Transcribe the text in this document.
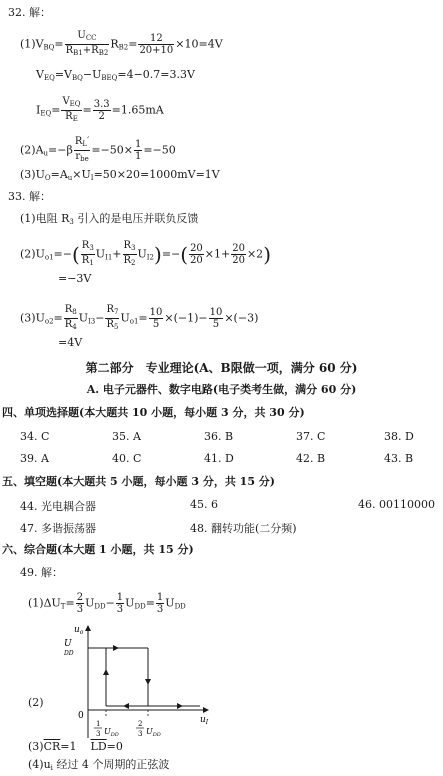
32. 解：
$(1)V_{BQ}= \frac{U_{CC}}{R_{B1}+R_{B2}} R_{B2}= \frac{12}{20+10} \times 10=4V$
$V_{EQ}=V_{BQ}-U_{BEQ}=4-0.7=3.3V$
$I_{EQ}= \frac{V_{EQ}}{R_E} = \frac{3.3}{2} =1.65mA$
$(2)A_u=-\beta \frac{R_L'}{r_{be}} =-50\times \frac{1}{1} =-50$
$(3)U_O=A_u\times U_I=50\times 20=1000mV=1V$
33. 解：
(1)电阻 $R_3$ 引入的是电压并联负反馈
$(2)U_{o1}=-( \frac{R_3}{R_1} U_{I1}+ \frac{R_3}{R_2} U_{I2})=-( \frac{20}{20} \times 1+ \frac{20}{20} \times 2)$
=−3V
$(3)U_{o2}= \frac{R_8}{R_4} U_{I3}- \frac{R_7}{R_5} U_{o1}= \frac{10}{5} \times(-1)- \frac{10}{5} \times(-3)$
=4V
第二部分　专业理论(A、B限做一项，满分 60 分)
A. 电子元器件、数字电路(电子类考生做，满分 60 分)
四、单项选择题(本大题共 10 小题，每小题 3 分，共 30 分)
34. C	35. A	36. B	37. C	38. D
39. A	40. C	41. D	42. B	43. B
五、填空题(本大题共 5 小题，每小题 3 分，共 15 分)
44. 光电耦合器	45. 6	46. 00110000
47. 多谐振荡器	48. 翻转功能(二分频)
六、综合题(本大题 1 小题，共 15 分)
49. 解：
$(1)\Delta U_T= \frac{2}{3} U_{DD}- \frac{1}{3} U_{DD}= \frac{1}{3} U_{DD}$
(2)
$u_o$
U
DD
$u_I$
0
1
3 $U_{DD}$
2
3 $U_{DD}$
$(3)\overline{CR}=1$ $\overline{LD}=0$
$(4)u_i$ 经过 4 个周期的正弦波
